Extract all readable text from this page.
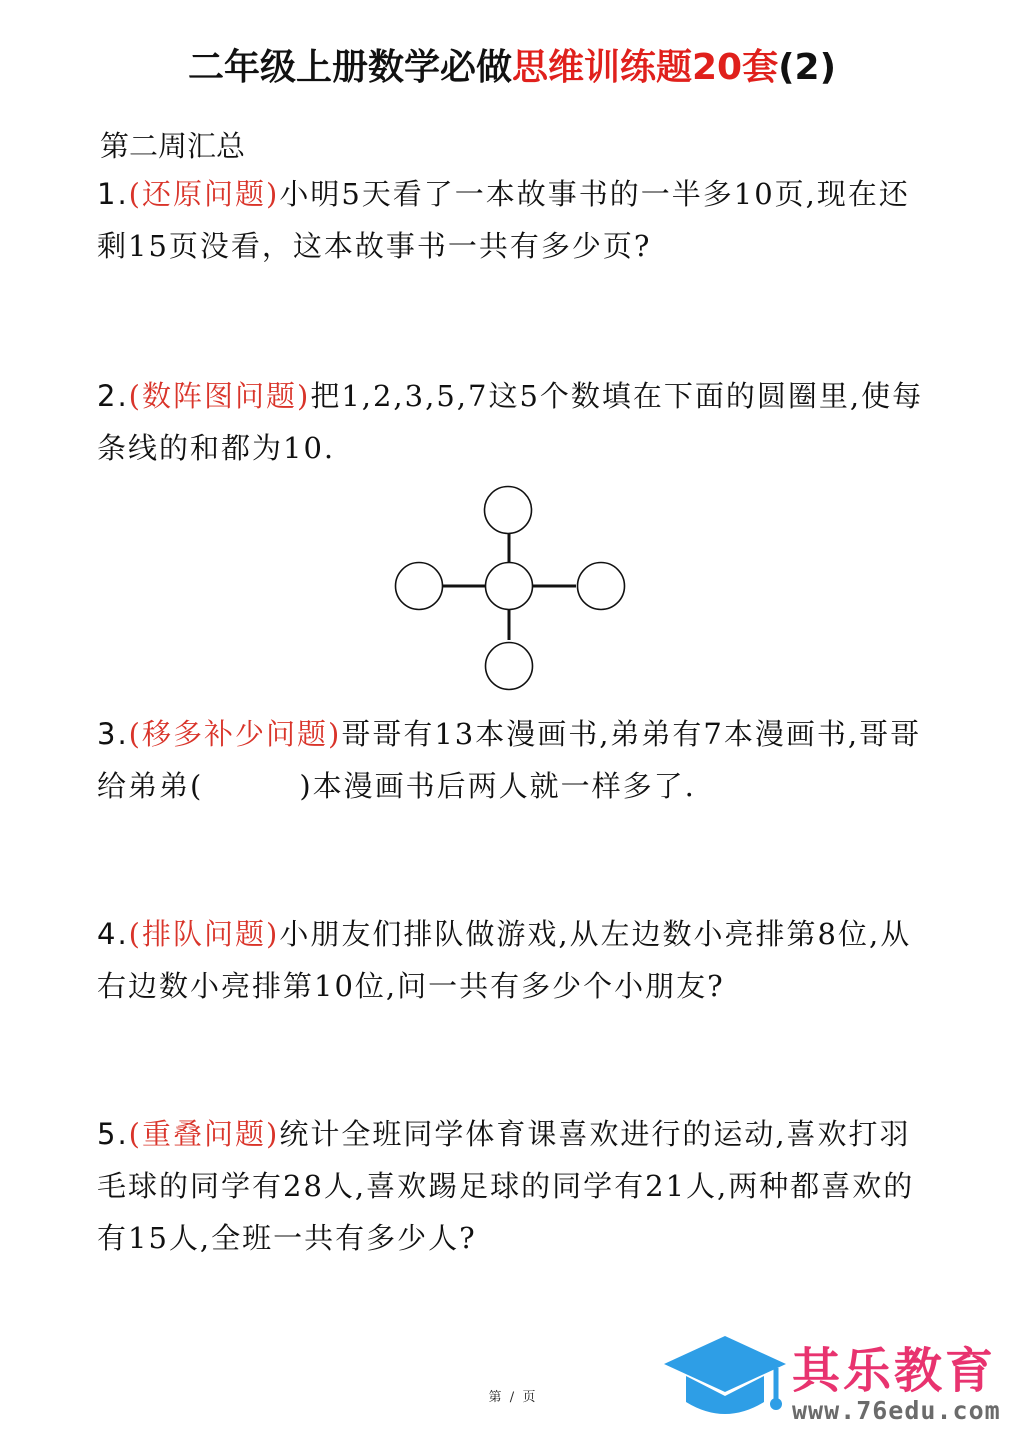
二年级上册数学必做思维训练题20套(2)
第二周汇总
1.(还原问题)小明5天看了一本故事书的一半多10页,现在还剩15页没看，这本故事书一共有多少页?
2.(数阵图问题)把1,2,3,5,7这5个数填在下面的圆圈里,使每条线的和都为10.
3.(移多补少问题)哥哥有13本漫画书,弟弟有7本漫画书,哥哥给弟弟(	)本漫画书后两人就一样多了.
4.(排队问题)小朋友们排队做游戏,从左边数小亮排第8位,从右边数小亮排第10位,问一共有多少个小朋友?
5.(重叠问题)统计全班同学体育课喜欢进行的运动,喜欢打羽毛球的同学有28人,喜欢踢足球的同学有21人,两种都喜欢的有15人,全班一共有多少人?
第  /  页	其乐教育
www.76edu.com
